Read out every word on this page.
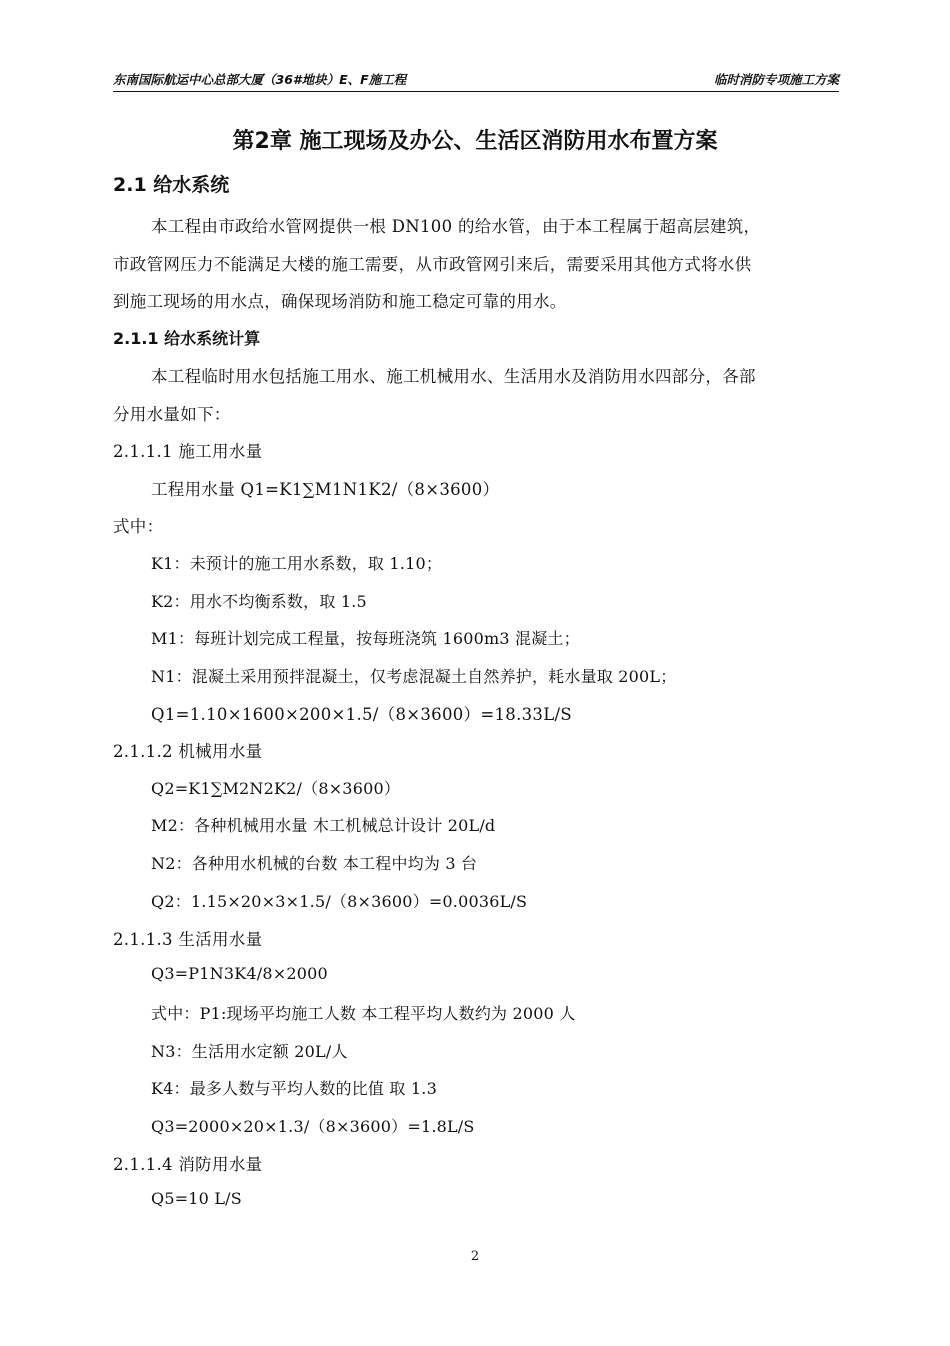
东南国际航运中心总部大厦（36#地块）E、F施工程	临时消防专项施工方案
第2章 施工现场及办公、生活区消防用水布置方案
2.1 给水系统
本工程由市政给水管网提供一根 DN100 的给水管，由于本工程属于超高层建筑，
市政管网压力不能满足大楼的施工需要，从市政管网引来后，需要采用其他方式将水供
到施工现场的用水点，确保现场消防和施工稳定可靠的用水。
2.1.1 给水系统计算
本工程临时用水包括施工用水、施工机械用水、生活用水及消防用水四部分，各部
分用水量如下：
2.1.1.1 施工用水量
工程用水量 Q1=K1∑M1N1K2/（8×3600）
式中：
K1：未预计的施工用水系数，取 1.10；
K2：用水不均衡系数，取 1.5
M1：每班计划完成工程量，按每班浇筑 1600m3 混凝土；
N1：混凝土采用预拌混凝土，仅考虑混凝土自然养护，耗水量取 200L；
Q1=1.10×1600×200×1.5/（8×3600）=18.33L/S
2.1.1.2 机械用水量
Q2=K1∑M2N2K2/（8×3600）
M2：各种机械用水量 木工机械总计设计 20L/d
N2：各种用水机械的台数 本工程中均为 3 台
Q2：1.15×20×3×1.5/（8×3600）=0.0036L/S
2.1.1.3 生活用水量
Q3=P1N3K4/8×2000
式中：P1:现场平均施工人数 本工程平均人数约为 2000 人
N3：生活用水定额 20L/人
K4：最多人数与平均人数的比值 取 1.3
Q3=2000×20×1.3/（8×3600）=1.8L/S
2.1.1.4 消防用水量
Q5=10 L/S
2
